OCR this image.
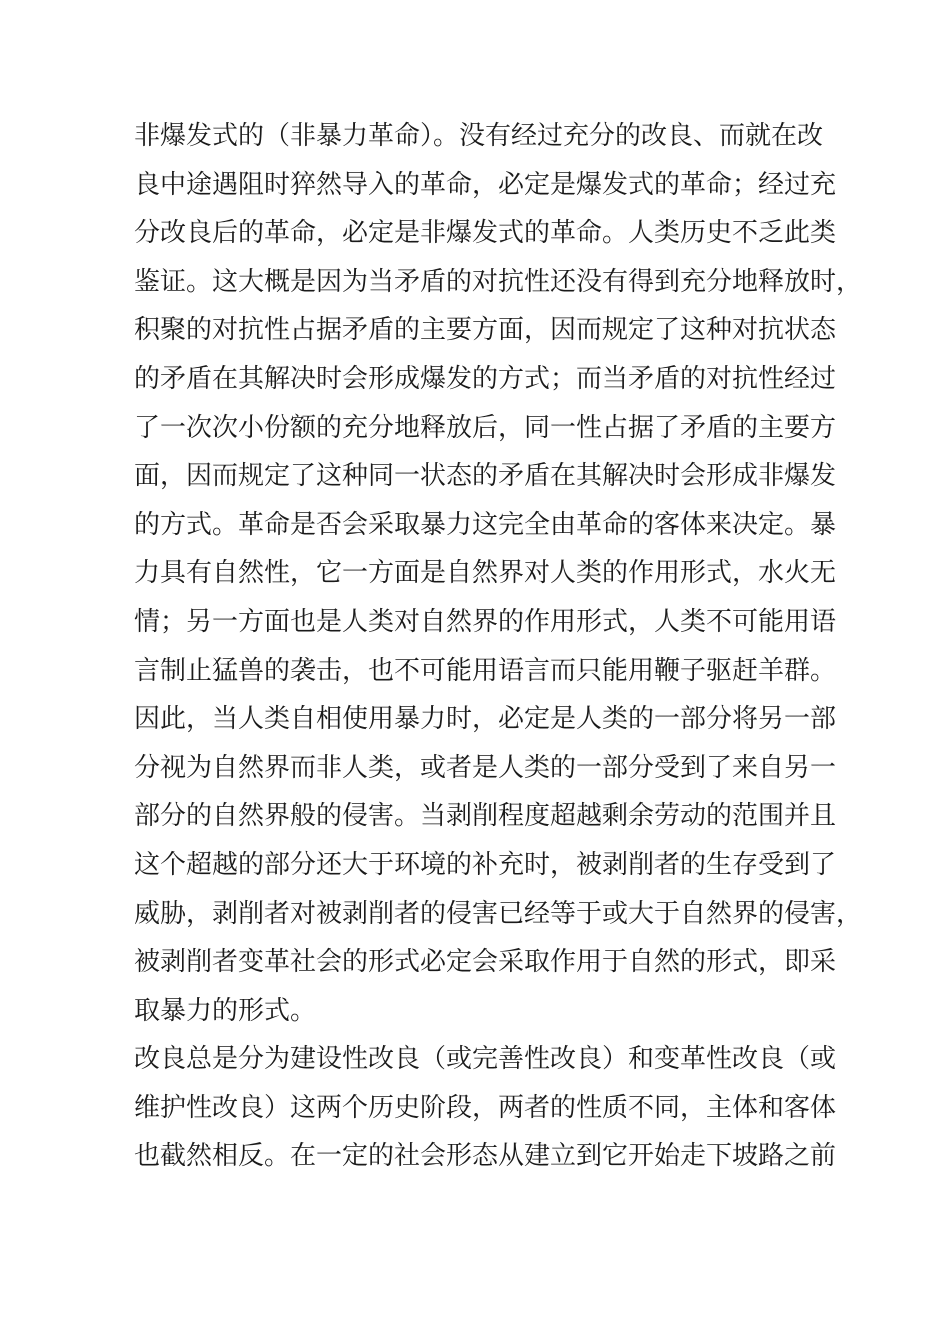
非爆发式的（非暴力革命）。没有经过充分的改良、而就在改
良中途遇阻时猝然导入的革命，必定是爆发式的革命；经过充
分改良后的革命，必定是非爆发式的革命。人类历史不乏此类
鉴证。这大概是因为当矛盾的对抗性还没有得到充分地释放时，
积聚的对抗性占据矛盾的主要方面，因而规定了这种对抗状态
的矛盾在其解决时会形成爆发的方式；而当矛盾的对抗性经过
了一次次小份额的充分地释放后，同一性占据了矛盾的主要方
面，因而规定了这种同一状态的矛盾在其解决时会形成非爆发
的方式。革命是否会采取暴力这完全由革命的客体来决定。暴
力具有自然性，它一方面是自然界对人类的作用形式，水火无
情；另一方面也是人类对自然界的作用形式，人类不可能用语
言制止猛兽的袭击，也不可能用语言而只能用鞭子驱赶羊群。
因此，当人类自相使用暴力时，必定是人类的一部分将另一部
分视为自然界而非人类，或者是人类的一部分受到了来自另一
部分的自然界般的侵害。当剥削程度超越剩余劳动的范围并且
这个超越的部分还大于环境的补充时，被剥削者的生存受到了
威胁，剥削者对被剥削者的侵害已经等于或大于自然界的侵害，
被剥削者变革社会的形式必定会采取作用于自然的形式，即采
取暴力的形式。
改良总是分为建设性改良（或完善性改良）和变革性改良（或
维护性改良）这两个历史阶段，两者的性质不同，主体和客体
也截然相反。在一定的社会形态从建立到它开始走下坡路之前
